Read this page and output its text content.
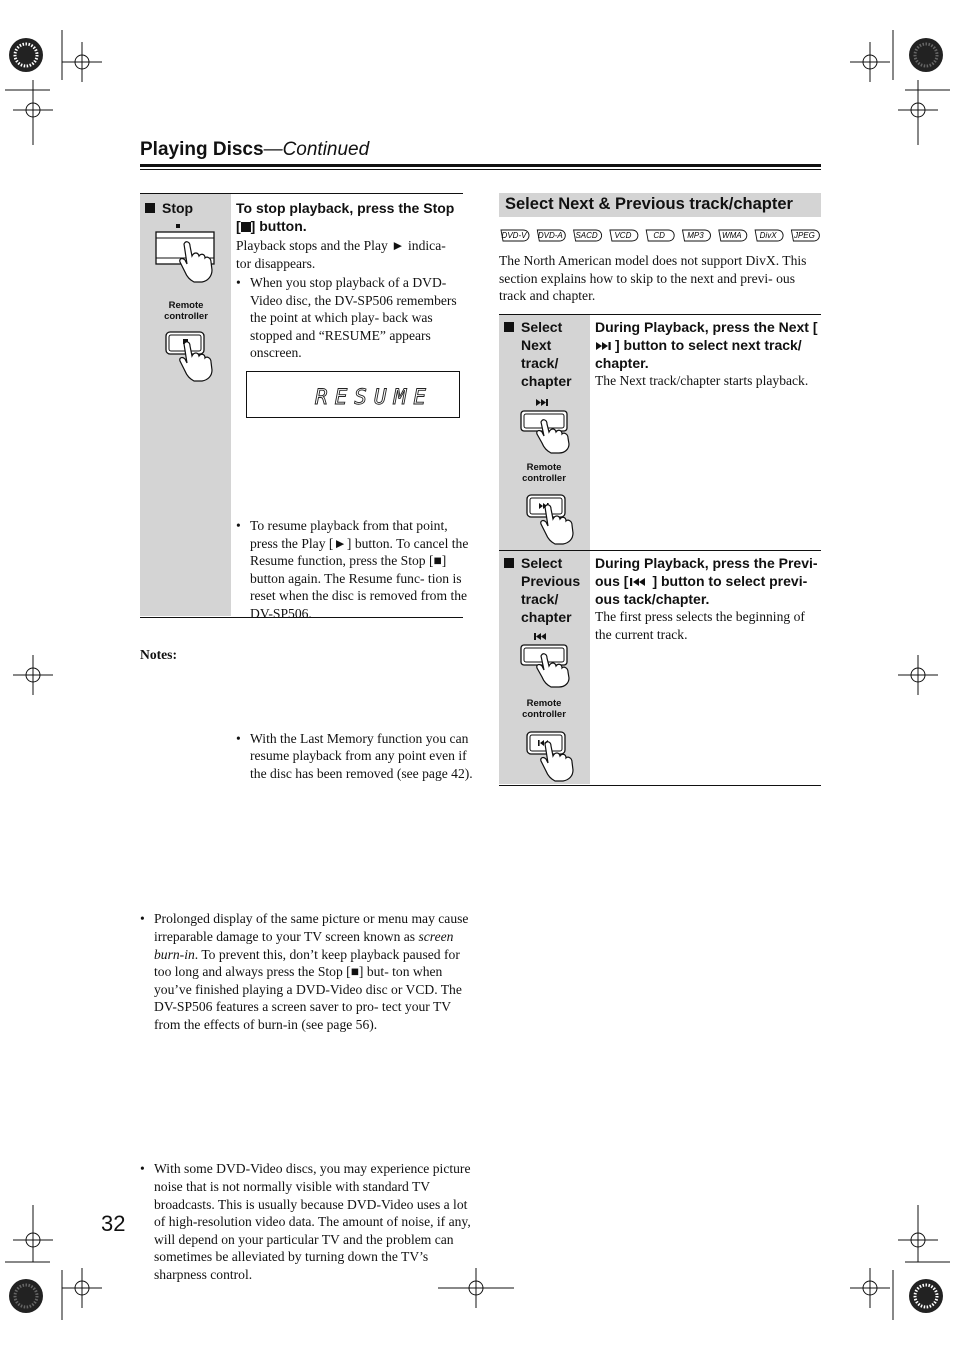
Playing Discs—Continued
Stop
Remote controller
To stop playback, press the Stop [ ] button.
Playback stops and the Play ► indica- tor disappears.
• When you stop playback of a DVD-Video disc, the DV-SP506 remembers the point at which play- back was stopped and “RESUME” appears onscreen.
RESUME
• To resume playback from that point, press the Play [►] button. To cancel the Resume function, press the Stop [■] button again. The Resume func- tion is reset when the disc is removed from the DV-SP506.
• With the Last Memory function you can resume playback from any point even if the disc has been removed (see page 42).
Notes:
• Prolonged display of the same picture or menu may cause irreparable damage to your TV screen known as screen burn-in. To prevent this, don’t keep playback paused for too long and always press the Stop [■] but- ton when you’ve finished playing a DVD-Video disc or VCD. The DV-SP506 features a screen saver to pro- tect your TV from the effects of burn-in (see page 56).
• With some DVD-Video discs, you may experience picture noise that is not normally visible with standard TV broadcasts. This is usually because DVD-Video uses a lot of high-resolution video data. The amount of noise, if any, will depend on your particular TV and the problem can sometimes be alleviated by turning down the TV’s sharpness control.
Select Next & Previous track/chapter
DVD-V DVD-A SACD VCD	CD	MP3 WMA DivX JPEG
The North American model does not support DivX. This section explains how to skip to the next and previ- ous track and chapter.
Select Next track/ chapter
Remote controller
During Playback, press the Next [] button to select next track/ chapter.
The Next track/chapter starts playback.
Select Previous track/ chapter
Remote controller
During Playback, press the Previ- ous [ ] button to select previ- ous tack/chapter.
The first press selects the beginning of the current track.
32
